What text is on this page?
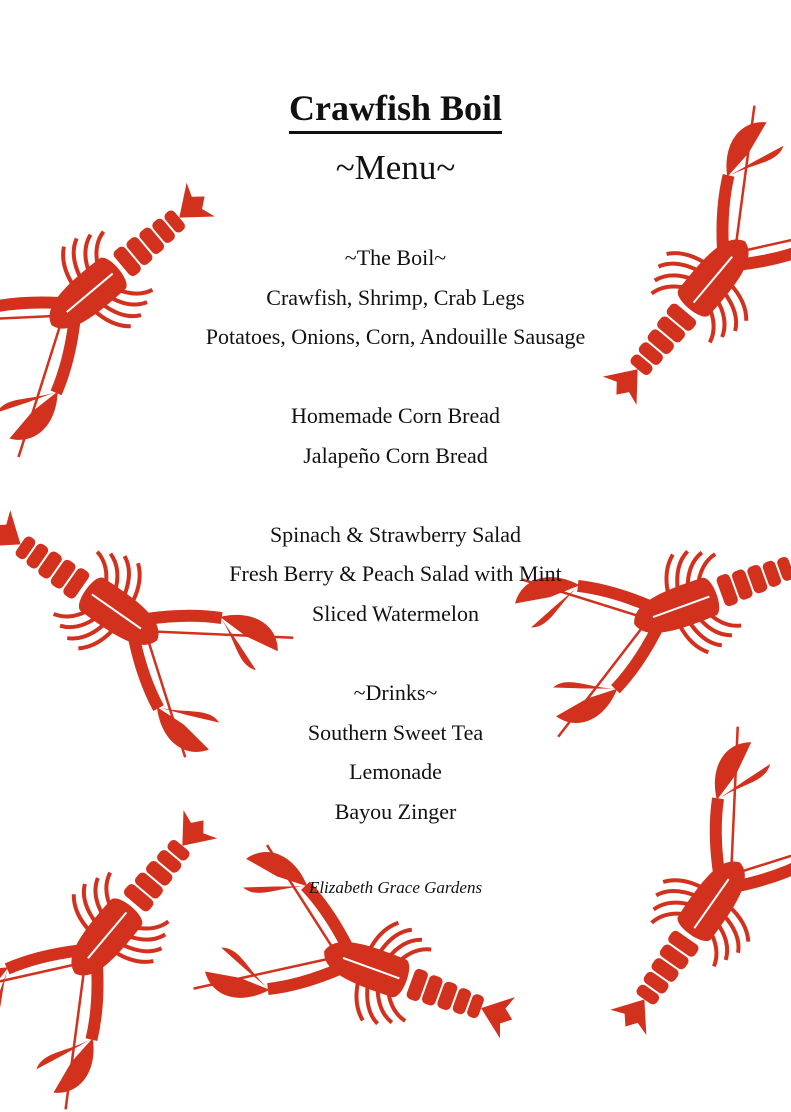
Crawfish Boil
~Menu~
~The Boil~
Crawfish, Shrimp, Crab Legs
Potatoes, Onions, Corn, Andouille Sausage
Homemade Corn Bread
Jalapeño Corn Bread
Spinach & Strawberry Salad
Fresh Berry & Peach Salad with Mint
Sliced Watermelon
~Drinks~
Southern Sweet Tea
Lemonade
Bayou Zinger
Elizabeth Grace Gardens
